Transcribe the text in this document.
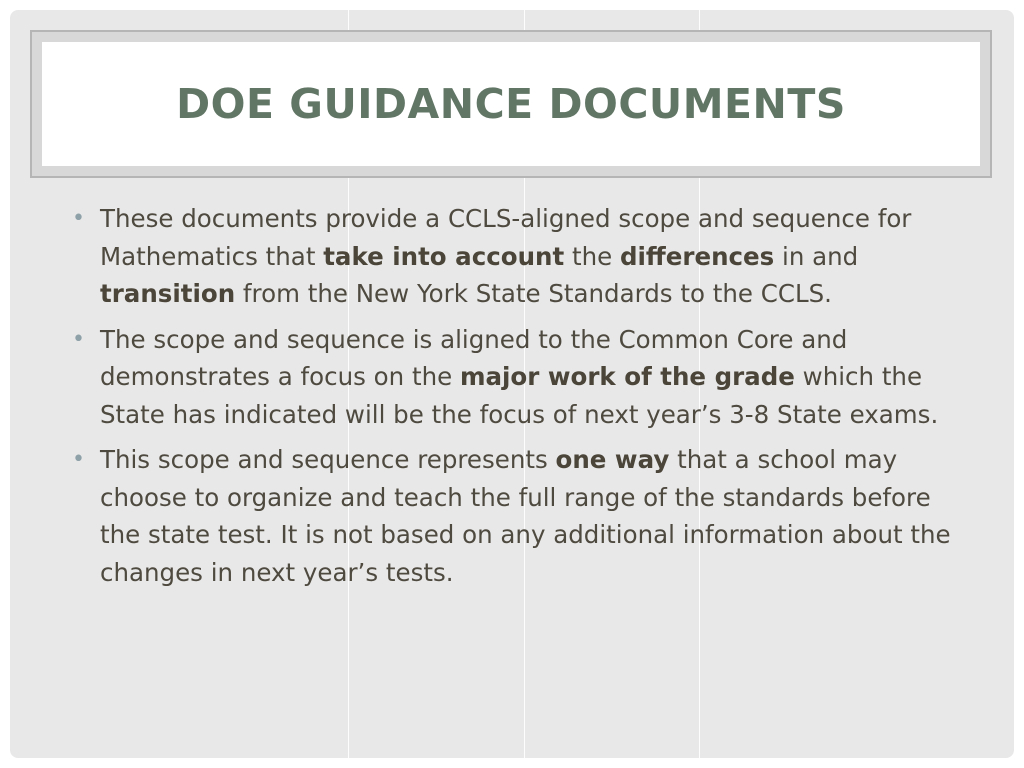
DOE GUIDANCE DOCUMENTS
• These documents provide a CCLS-aligned scope and sequence for Mathematics that take into account the differences in and transition from the New York State Standards to the CCLS.
• The scope and sequence is aligned to the Common Core and demonstrates a focus on the major work of the grade which the State has indicated will be the focus of next year’s 3-8 State exams.
• This scope and sequence represents one way that a school may choose to organize and teach the full range of the standards before the state test. It is not based on any additional information about the changes in next year’s tests.
